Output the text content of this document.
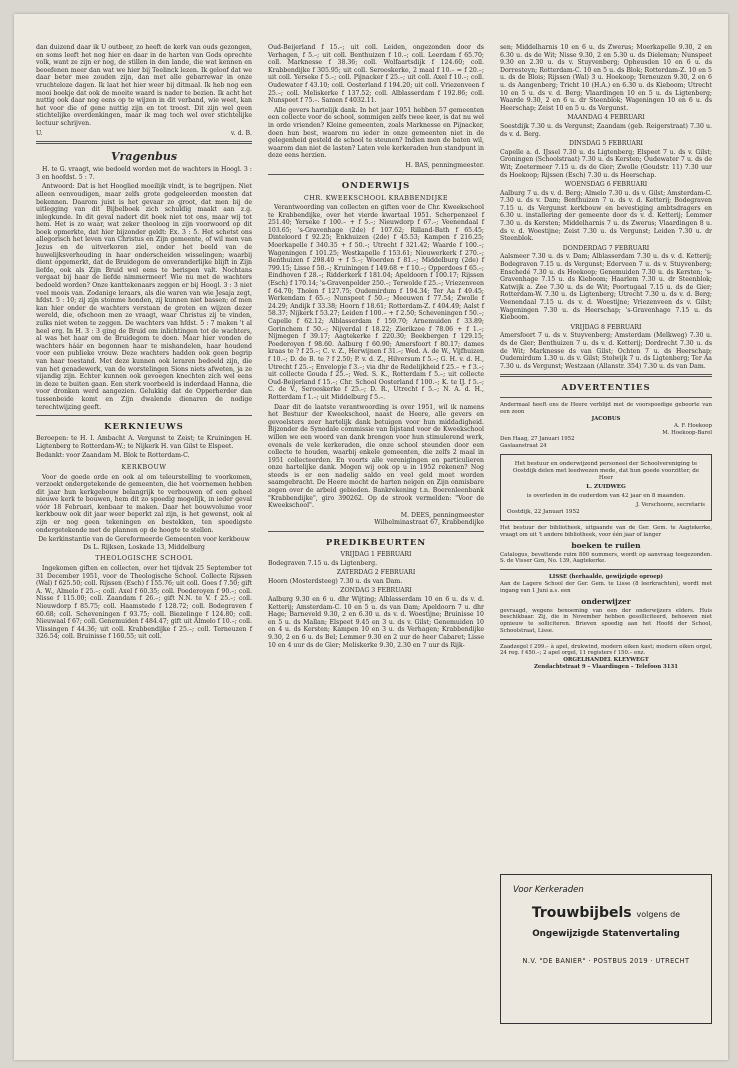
dan duizend daar ik U outbeer, zo heeft de kerk van ouds gezongen, en soms leeft het nog hier en daar in de harten van Gods oprechte volk, want ze zijn er nog, de stillen in den lande, die wat kennen en beoefenen meer dan wat we hier bij Teelinck lezen. Ik geloof dat we daar beter mee zouden zijn, dan met alle gebarrewar in onze vruchteloze dagen. Ik laat het hier weer bij ditmaal. Ik heb nog een mooi boekje dat ook de moeite waard is nader te bezien. Ik acht het nuttig ook daar nog eens op te wijzen in dit verband, wie weet, kan het voor die of gene nuttig zijn en tot troost. Dit zijn wel geen stichtelijke overdenkingen, maar ik mag toch wel over stichtelijke lectuur schrijven.

U.	v. d. B.
Vragenbus

H. te G. vraagt, wie bedoeld worden met de wachters in Hoogl. 3 : 3 en hoofdst. 5 : 7.

Antwoord: Dat is het Hooglied moeilijk vindt, is te begrijpen. Niet alleen eenvoudigen, maar zelfs grote godgeleerden moesten dat bekennen. Daarom juist is het gevaar zo groot, dat men bij de uitlegging van dit Bijbelboek zich schuldig maakt aan z.g. inlegkunde. In dit geval nadert dit boek niet tot ons, maar wij tot hem. Het is zo waar, wat zeker theoloog in zijn voorwoord op dit boek opmerkte, dat hier bijzonder geldt: Ex. 3 : 5. Het schetst ons allegorisch het leven van Christus en Zijn gemeente, of wil men van Jezus en de uitverkoren ziel, onder het beeld van de huwelijksverhouding in haar onderscheiden wisselingen; waarbij dient opgemerkt, dat de Bruidegom de onveranderlijke blijft in Zijn liefde, ook als Zijn Bruid wel eens te berispen valt. Nochtans vergaat bij haar de liefde nimmermeer! Wie nu met de wachters bedoeld worden? Onze kanttekenaars zeggen er bij Hoogl. 3 : 3 niet veel moois van. Zodanige leraars, als die waren van wie Jesaja zegt, hfdst. 5 : 10; zij zijn stomme honden, zij kunnen niet bassen; of men kan hier onder de wachters verstaan de groten en wijzen dezer wereld, die, ofschoon men ze vraagt, waar Christus zij te vinden, zulks niet weten te zeggen. De wachters van hfdst. 5 : 7 maken 't al heel erg. In H. 3 : 3 ging de Bruid om inlichtingen tot de wachters, al was het haar om de Bruidegom te doen. Maar hier vonden de wachters háár en begonnen haar te mishandelen, haar houdend voor een publieke vrouw. Deze wachters hadden ook geen begrip van haar toestand. Met deze kunnen ook leraren bedoeld zijn, die van het genadewerk, van de worstelingen Sions niets afweten, ja ze vijandig zijn. Echter kunnen ook gevoegen knechten zich wel eens in deze te buiten gaan. Een sterk voorbeeld is inderdaad Hanna, die voor dronken werd aangezien. Gelukkig dat de Opperherder dan tussenbeide komt en Zijn dwalende dienaren de nodige terechtwijzing geeft.

KERKNIEUWS

Beroepen: te H. I. Ambacht A. Vergunst te Zeist; te Kruiningen H. Ligtenberg te Rotterdam-W.; te Nijkerk H. van Gilst te Elspeet.

Bedankt: voor Zaandam M. Blok te Rotterdam-C.

KERKBOUW

Voor de goede orde en ook al om teleurstelling te voorkomen, verzoekt ondergetekende de gemeenten, die het voornemen hebben dit jaar hun kerkgebouw belangrijk te verbouwen of een geheel nieuwe kerk te bouwen, hem dit zo spoedig mogelijk, in ieder geval vóór 18 Februari, kenbaar te maken. Daar het bouwvolume voor kerkbouw ook dit jaar weer beperkt zal zijn, is het gewenst, ook al zijn er nog geen tekeningen en bestekken, ten spoedigste ondergetekende met de plannen op de hoogte te stellen.

De kerkinstantie van de Gereformeerde Gemeenten voor kerkbouw
Ds L. Rijksen, Loskade 13, Middelburg
THEOLOGISCHE SCHOOL

Ingekomen giften en collecten, over het tijdvak 25 September tot 31 December 1951, voor de Theologische School. Collecte Rijssen (Wal) f 625.50; coll. Rijssen (Esch) f 155.76; uit coll. Goes f 7.50; gift A. W., Almelo f 25.–; coll. Axel f 60.35; coll. Poederoyen f 90.–; coll. Nisse f 115.00; coll. Zaandam f 26.–; gift N.N. te V. f 25.–; coll. Nieuwdorp f 85.75; coll. Haamstede f 128.72; coll. Bodegraven f 60.68; coll. Scheveningen f 93.75; coll. Biezelinge f 124.80; coll. Nieuwaal f 67; coll. Genemuiden f 484.47; gift uit Almelo f 10.–; coll. Vlissingen f 44.36; uit coll. Krabbendijke f 25.–; coll. Terneuzen f 326.54; coll. Bruinisse f 160.55; uit coll.

Oud-Beijerland f 15.–; uit coll. Leiden, ongezonden door ds Verhagen, f 5.–; uit coll. Benthuizen f 10.–; coll. Leerdam f 65.70; coll. Marknesse f 38.36; coll. Wolfaartsdijk f 124.60; coll. Krabbendijke f 305.95; uit coll. Serooskerke, 2 maal f 10.– = f 20.–; uit coll. Yerseke f 5.–; coll. Pijnacker f 25.–; uit coll. Axel f 10.–; coll. Oudewater f 43.10; coll. Oosterland f 194.20; uit coll. Vriezenveen f 25.–; coll. Meliskerke f 137.52; coll. Alblasserdam f 192.86; coll. Nunspeet f 75.–. Samen f 4032.11.

Alle gevers hartelijk dank. In het jaar 1951 hebben 57 gemeenten een collecte voor de school, sommigen zelfs twee keer, is dat nu wel in orde vrienden? Kleine gemeenten, zoals Marknesse en Pijnacker, doen hun best, waarom nu ieder in onze gemeenten niet in de gelegenheid gesteld de school te steunen? Indien men de baten wil, waarom dan niet de lasten? Laten vele kerkeraden hun standpunt in deze eens herzien.

H. BAS, penningmeester.
ONDERWIJS
CHR. KWEEKSCHOOL KRABBENDIJKE

Verantwoording van collecten en giften voor de Chr. Kweekschool te Krabbendijke, over het vierde kwartaal 1951. Scherpenzeel f 251.40; Yerseke f 100.– + f 5.–; Nieuwdorp f 67.–; Veenendaal f 103.65; 's-Gravenhage (2de) f 107.62; Rilland-Bath f 65.45; Dinteloord f 92.25; Enkhuizen (2de) f 45.53; Kampen f 216.25; Moerkapelle f 340.35 + f 50.–; Utrecht f 321.42; Waarde f 100.–; Wageningen f 101.25; Westkapelle f 153.61; Nieuwerkerk f 270.–; Benthuizen f 298.40 + f 5.–; Woerden f 81.–; Middelburg (2de) f 799.15; Lisse f 50.–; Kruiningen f 149.68 + f 10.–; Opperdoes f 65.–; Eindhoven f 28.–; Ridderkerk f 181.04; Apeldoorn f 100.17; Rijssen (Esch) f 170.14; 's-Gravenpolder 250.–; Terwolde f 25.–; Vriezenveen f 64.70; Tholen f 127.75; Oudemirdum f 194.34; Ter Aa f 49.45; Werkendam f 65.–; Nunspeet f 50.–; Meeuwen f 77.54; Zwolle f 24.29; Andijk f 33.38; Hoorn f 18.61; Rotterdam-Z. f 404.49; Aalst f 58.37; Nijkerk f 53.27; Leiden f 100.– + f 2.50; Scheveningen f 50.–; Capelle f 62.12; Alblasserdam f 159.70; Arnemuiden f 33.89; Gorinchem f 50.–; Nijverdal f 18.22; Zierikzee f 78.06 + f 1.–; Nijmegen f 39.17; Aagtekerke f 220.30; Beekbergen f 129.15; Poederoyen f 98.60. Aalburg f 60.90; Amersfoort f 80.17; dames kraas te ? f 25.–; C. v. Z., Herwijnen f 31.–; Wed. A. de W., Vijfhuizen f 10.–; D. de B. te ? f 2.50; P. v. d. Z., Hilversum f 5.–; G. H. v. d. H., Utrecht f 25.–; Envelopje f 3.–; via dhr de Redelijkheid f 25.– + f 3.–; uit collecte Gouda f 25.–; Wed. S. K., Rotterdam f 5.–; uit collecte Oud-Beijerland f 15.–; Chr. School Oosterland f 100.–; K. te IJ. f 5.–; C. de V., Serooskerke f 25.–; D. R., Utrecht f 5.–; N. A. d. H., Rotterdam f 1.–; uit Middelburg f 5.–.

Daar dit de laatste verantwoording is over 1951, wil ik namens het Bestuur der Kweekschool, naast de Heere, alle gevers en gevoelsters zeer hartelijk dank betuigen voor hun middadigheid. Bijzonder de Synodale commissie van bijstand voor de Kweekschool willen we een woord van dank brengen voor hun stimulerend werk, evenals de vele kerkeraden, die onze school steunden door een collecte te houden, waarbij enkele gemeenten, die zelfs 2 maal in 1951 collecteerden. En voorts alle verenigingen en particulieren onze hartelijke dank. Mogen wij ook op u in 1952 rekenen? Nog steeds is er een nadelig saldo en veel geld moet worden saamgebracht. De Heere mocht de harten neigen en Zijn onmisbare zegen over de arbeid gebieden. Bankrekening t.n. Boerenleenbank "Krabbendijke", giro 390262. Op de strook vermelden: "Voor de Kweekschool".

M. DEES, penningmeester
Wilhelminastraat 67, Krabbendijke
PREDIKBEURTEN
VRIJDAG 1 FEBRUARI

Bodegraven 7.15 u. ds Ligtenberg.

ZATERDAG 2 FEBRUARI

Hoorn (Mosterdsteeg) 7.30 u. ds van Dam.

ZONDAG 3 FEBRUARI

Aalburg 9.30 en 6 u. dhr Wijting; Alblasserdam 10 en 6 u. ds v. d. Ketterij; Amsterdam-C. 10 en 5 u. ds van Dam; Apeldoorn 7 u. dhr Hage; Barneveld 9.30, 2 en 6.30 u. ds v. d. Woestijne; Bruinisse 10 en 5 u. ds Mallan; Elspeet 9.45 en 3 u. ds v. Gilst; Genemuiden 10 en 4 u. ds Kersten; Kampen 10 en 3 u. ds Verhagen; Krabbendijke 9.30, 2 en 6 u. ds Bel; Lemmer 9.30 en 2 uur de heer Cabaret; Lisse 10 en 4 uur ds de Gier; Meliskerke 9.30, 2.30 en 7 uur ds Rijk-

sen; Middelharnis 10 en 6 u. ds Zwerus; Moerkapelle 9.30, 2 en 6.30 u. ds de Wit; Nisse 9.30, 2 en 5.30 u. ds Dieleman; Nunspeet 9.30 en 2.30 u. ds v. Stuyvenberg; Opheusden 10 en 6 u. ds Dorresteyn; Rotterdam-C. 10 en 5 u. ds Blok; Rotterdam-Z. 10 en 5 u. ds de Blois; Rijssen (Wal) 3 u. Hoekoop; Terneuzen 9.30, 2 en 6 u. ds Aangenberg; Tricht 10 (H.A.) en 6.30 u. ds Kieboom; Utrecht 10 en 5 u. ds v. d. Berg; Vlaardingen 10 en 5 u. ds Ligtenberg; Waarde 9.30, 2 en 6 u. dr Steenblok; Wageningen 10 en 6 u. ds Heerschap; Zeist 10 en 5 u. ds Vergunst.

MAANDAG 4 FEBRUARI

Soestdijk 7.30 u. ds Vergunst; Zaandam (geb. Reigerstraat) 7.30 u. ds v. d. Berg.

DINSDAG 5 FEBRUARI

Capelle a. d. IJssel 7.30 u. ds Ligtenberg; Elspeet 7 u. ds v. Gilst; Groningen (Schoolstraat) 7.30 u. ds Kersten; Oudewater 7 u. ds de Wit; Zoetermeer 7.15 u. ds de Gier; Zwolle (Goudstr. 11) 7.30 uur ds Hoekoop; Rijssen (Esch) 7.30 u. ds Heerschap.

WOENSDAG 6 FEBRUARI

Aalburg 7 u. ds v. d. Berg; Almelo 7.30 u. ds v. Gilst; Amsterdam-C. 7.30 u. ds v. Dam; Benthuizen 7 u. ds v. d. Ketterij; Bodegraven 7.15 u. ds Vergunst kerkbouw en bevestiging ambtsdragers en 6.30 u. installering der gemeente door ds v. d. Ketterij; Lemmer 7.30 u. ds Kersten; Middelharnis 7 u. ds Zwerus; Vlaardingen 8 u. ds v. d. Woestijne; Zeist 7.30 u. ds Vergunst; Leiden 7.30 u. dr Steenblok.

DONDERDAG 7 FEBRUARI

Aalsmeer 7.30 u. ds v. Dam; Alblasserdam 7.30 u. ds v. d. Ketterij; Bodegraven 7.15 u. ds Vergunst; Ederveen 7 u. ds v. Stuyvenberg; Enschedé 7.30 u. ds Hoekoop; Genemuiden 7.30 u. ds Kersten; 's-Gravenhage 7.15 u. ds Kieboom; Haarlem 7.30 u. dr Steenblok; Katwijk a. Zee 7.30 u. ds de Wit; Poortugaal 7.15 u. ds de Gier; Rotterdam-W. 7.30 u. ds Ligtenberg; Utrecht 7.30 u. ds v. d. Berg; Veenendaal 7.15 u. ds v. d. Woestijne; Vriezenveen ds v. Gilst; Wageningen 7.30 u. ds Heerschap; 's-Gravenhage 7.15 u. ds Kieboom.

VRIJDAG 8 FEBRUARI

Amersfoort 7 u. ds v. Stuyvenberg; Amsterdam (Melkweg) 7.30 u. ds de Gier; Benthuizen 7 u. ds v. d. Ketterij; Dordrecht 7.30 u. ds de Wit; Marknesse ds van Gilst; Ochten 7 u. ds Heerschap; Oudemirdum 1.30 u. ds v. Gilst; Stolwijk 7 u. ds Ligtenberg; Ter Aa 7.30 u. ds Vergunst; Westzaan (Allanstr. 354) 7.30 u. ds van Dam.

ADVERTENTIES
Andermaal heeft ons de Heere verblijd met de voorspoedige geboorte van een zoon
JACOBUS
A. F. Hoekoop
M. Hoekoop-Barel
Den Haag, 27 Januari 1952
Gaslaanstraat 24
Het bestuur en onderwijzend personeel der Schoolvereniging te Oostdijk delen met leedwezen mede, dat hun goede voorzitter, de Heer
L. ZUIDWEG
is overleden in de ouderdom van 42 jaar en 8 maanden.
J. Verschoore, secretaris
Oostdijk, 22 Januari 1952
Het bestuur der bibliotheek, uitgaande van de Ger. Gem. te Aagtekerke, vraagt om uit 't andere bibliotheek, voor één jaar of langer
boeken te ruilen
Catalogus, bevattende ruim 800 nummers, wordt op aanvraag toegezonden. S. de Visser Gzn, No. 139, Aagtekerke.
LISSE (herhaalde, gewijzigde oproep)
Aan de Lagere School der Ger. Gem. te Lisse (8 leerkrachten), wordt met ingang van 1 Juni a.s. een
onderwijzer
gevraagd, wegens benoeming van een der onderwijzers elders. Huis beschikbaar. Zij, die in November hebben gesolliciteerd, behoeven niet opnieuw te solliciteren. Brieven spoedig aan het Hoofd der School, Schoolstraat, Lisse.
Zaadzegel f 299.– à apel, drukwind, modern eiken kast; modern eiken orgel, 24 reg. f 450.–; 2 apel orgel, 11 registers f 150.– enz.
ORGELHANDEL KLEYWEGT
Zendachtstraat 9 – Vlaardingen – Telefoon 3131
Voor Kerkeraden
Trouwbijbels volgens de
Ongewijzigde Statenvertaling
N.V. "DE BANIER" · POSTBUS 2019 · UTRECHT
